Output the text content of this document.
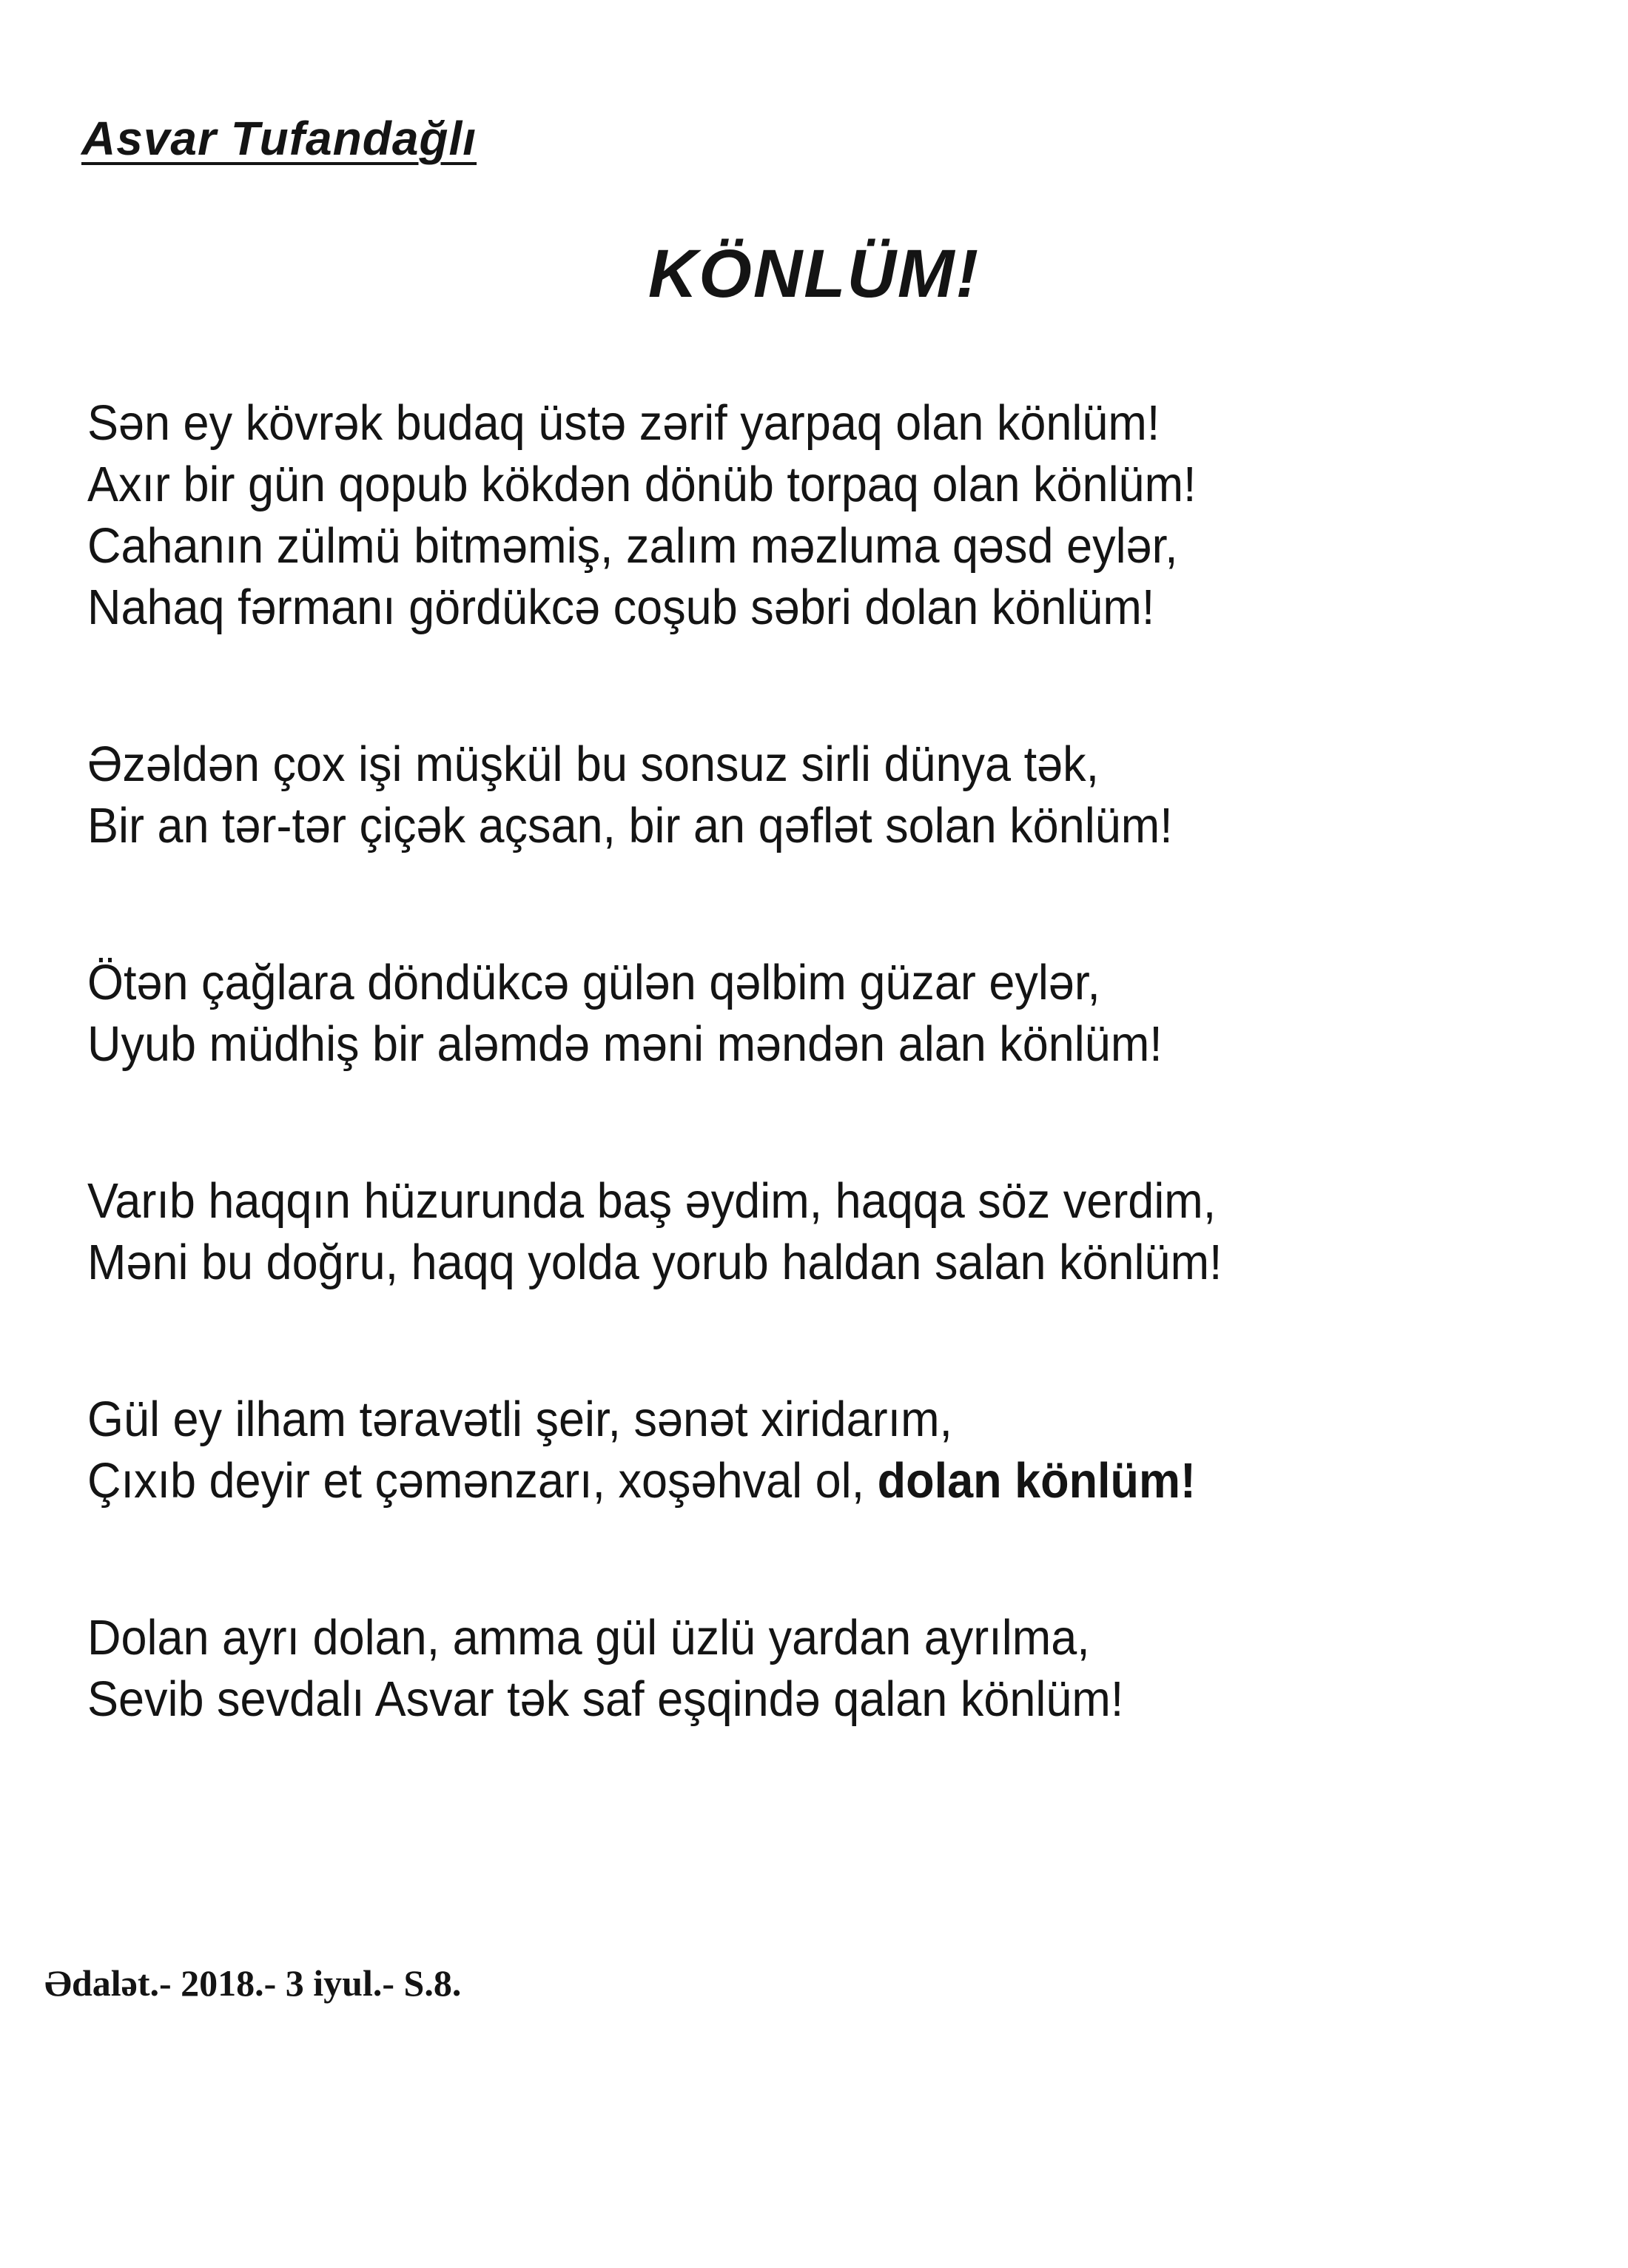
Asvar Tufandağlı
KÖNLÜM!
Sən ey kövrək budaq üstə zərif yarpaq olan könlüm!
Axır bir gün qopub kökdən dönüb torpaq olan könlüm!
Cahanın zülmü bitməmiş, zalım məzluma qəsd eylər,
Nahaq fərmanı gördükcə coşub səbri dolan könlüm!
Əzəldən çox işi müşkül bu sonsuz sirli dünya tək,
Bir an tər-tər çiçək açsan, bir an qəflət solan könlüm!
Ötən çağlara döndükcə gülən qəlbim güzar eylər,
Uyub müdhiş bir aləmdə məni məndən alan könlüm!
Varıb haqqın hüzurunda baş əydim, haqqa söz verdim,
Məni bu doğru, haqq yolda yorub haldan salan könlüm!
Gül ey ilham təravətli şeir, sənət xiridarım,
Çıxıb deyir et çəmənzarı, xoşəhval ol, dolan könlüm!
Dolan ayrı dolan, amma gül üzlü yardan ayrılma,
Sevib sevdalı Asvar tək saf eşqində qalan könlüm!
Ədalət.- 2018.- 3 iyul.- S.8.
